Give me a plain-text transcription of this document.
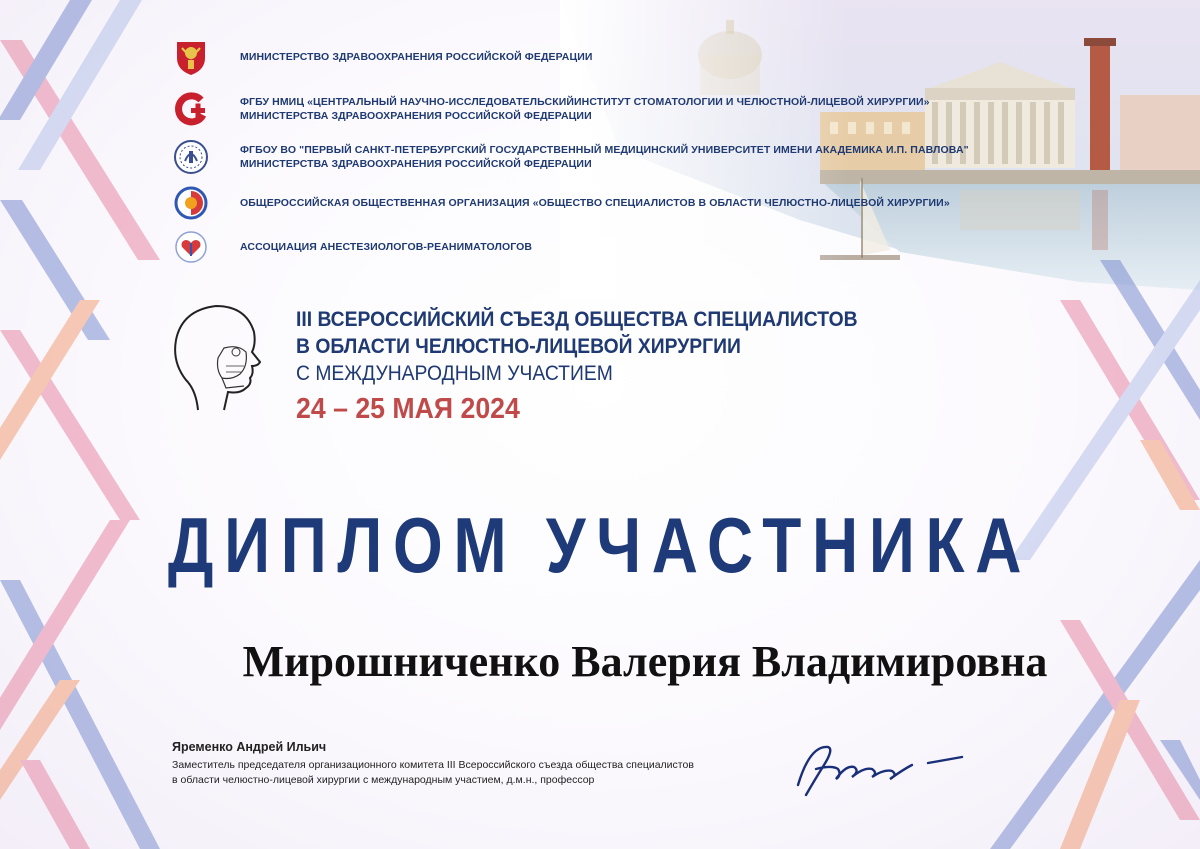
МИНИСТЕРСТВО ЗДРАВООХРАНЕНИЯ РОССИЙСКОЙ ФЕДЕРАЦИИ
ФГБУ НМИЦ «ЦЕНТРАЛЬНЫЙ НАУЧНО-ИССЛЕДОВАТЕЛЬСКИЙИНСТИТУТ СТОМАТОЛОГИИ И ЧЕЛЮСТНОЙ-ЛИЦЕВОЙ ХИРУРГИИ»
МИНИСТЕРСТВА ЗДРАВООХРАНЕНИЯ РОССИЙСКОЙ ФЕДЕРАЦИИ
ФГБОУ ВО "ПЕРВЫЙ САНКТ-ПЕТЕРБУРГСКИЙ ГОСУДАРСТВЕННЫЙ МЕДИЦИНСКИЙ УНИВЕРСИТЕТ ИМЕНИ АКАДЕМИКА И.П. ПАВЛОВА"
МИНИСТЕРСТВА ЗДРАВООХРАНЕНИЯ РОССИЙСКОЙ ФЕДЕРАЦИИ
ОБЩЕРОССИЙСКАЯ ОБЩЕСТВЕННАЯ ОРГАНИЗАЦИЯ «ОБЩЕСТВО СПЕЦИАЛИСТОВ В ОБЛАСТИ ЧЕЛЮСТНО-ЛИЦЕВОЙ ХИРУРГИИ»
АССОЦИАЦИЯ АНЕСТЕЗИОЛОГОВ-РЕАНИМАТОЛОГОВ
III ВСЕРОССИЙСКИЙ СЪЕЗД ОБЩЕСТВА СПЕЦИАЛИСТОВ
В ОБЛАСТИ ЧЕЛЮСТНО-ЛИЦЕВОЙ ХИРУРГИИ
С МЕЖДУНАРОДНЫМ УЧАСТИЕМ
24 – 25 МАЯ 2024
ДИПЛОМ УЧАСТНИКА
Мирошниченко Валерия Владимировна
Яременко Андрей Ильич
Заместитель председателя организационного комитета III Всероссийского съезда общества специалистов
в области челюстно-лицевой хирургии с международным участием, д.м.н., профессор
